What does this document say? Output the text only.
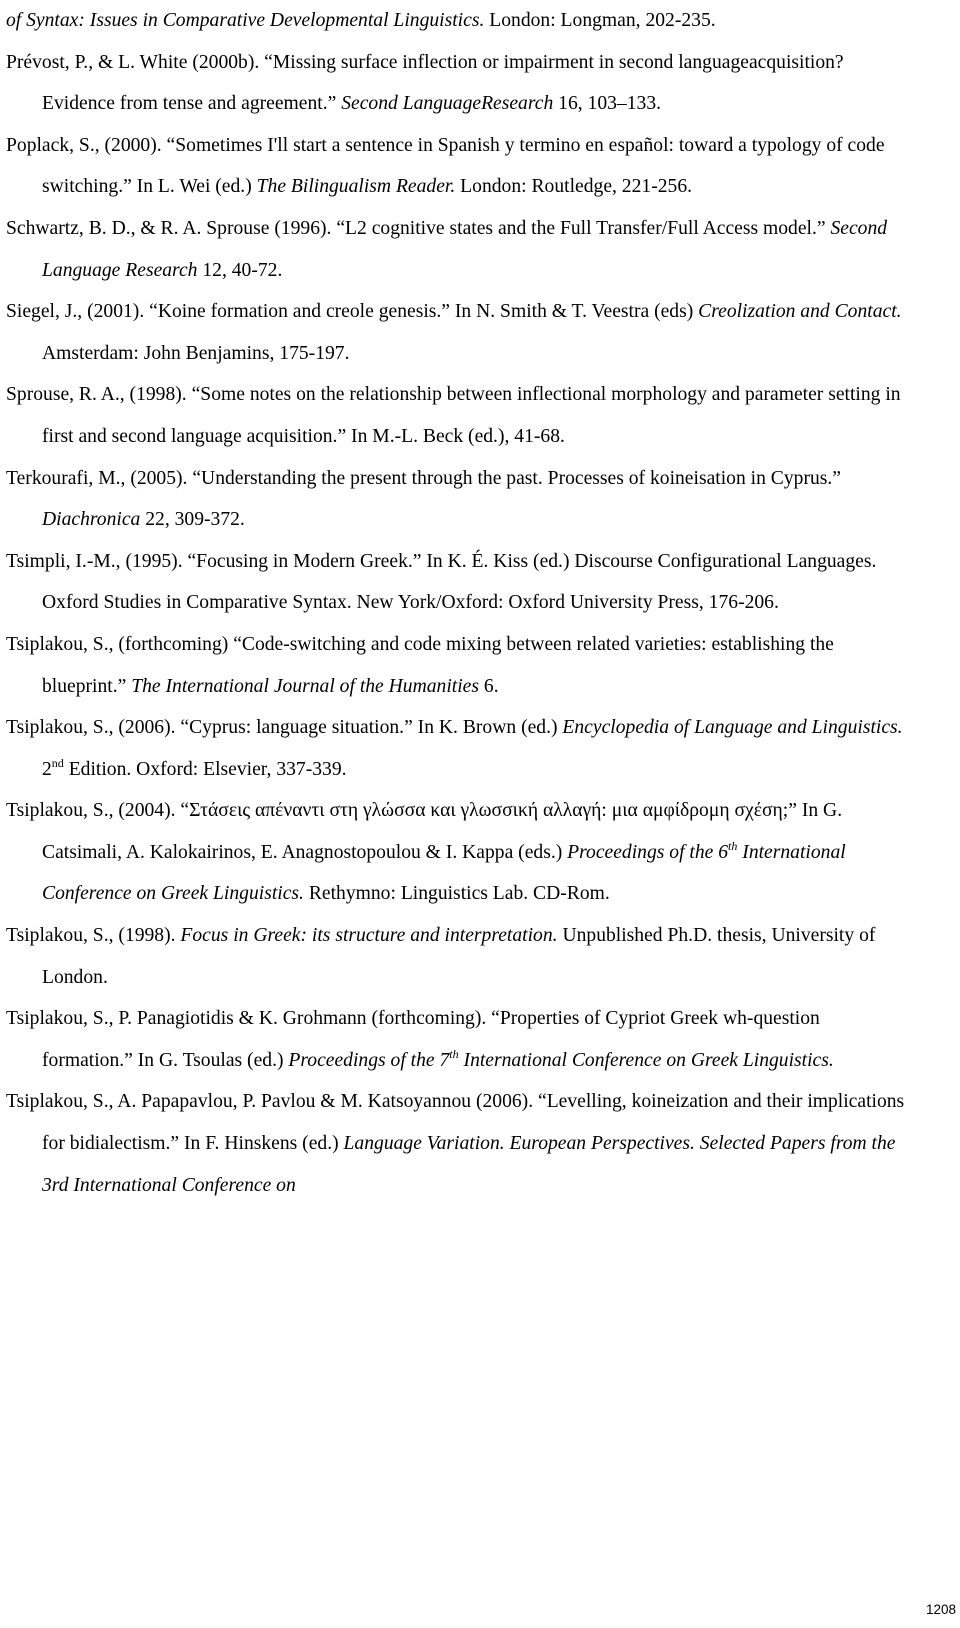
of Syntax: Issues in Comparative Developmental Linguistics. London: Longman, 202-235.

Prévost, P., & L. White (2000b). “Missing surface inflection or impairment in second languageacquisition? Evidence from tense and agreement.” Second LanguageResearch 16, 103–133.

Poplack, S., (2000). “Sometimes I'll start a sentence in Spanish y termino en español: toward a typology of code switching.” In L. Wei (ed.) The Bilingualism Reader. London: Routledge, 221-256.

Schwartz, B. D., & R. A. Sprouse (1996). “L2 cognitive states and the Full Transfer/Full Access model.” Second Language Research 12, 40-72.

Siegel, J., (2001). “Koine formation and creole genesis.” In N. Smith & T. Veestra (eds) Creolization and Contact. Amsterdam: John Benjamins, 175-197.

Sprouse, R. A., (1998). “Some notes on the relationship between inflectional morphology and parameter setting in first and second language acquisition.” In M.-L. Beck (ed.), 41-68.

Terkourafi, M., (2005). “Understanding the present through the past. Processes of koineisation in Cyprus.” Diachronica 22, 309-372.

Tsimpli, I.-M., (1995). “Focusing in Modern Greek.” In K. É. Kiss (ed.) Discourse Configurational Languages. Oxford Studies in Comparative Syntax. New York/Oxford: Oxford University Press, 176-206.

Tsiplakou, S., (forthcoming) “Code-switching and code mixing between related varieties: establishing the blueprint.” The International Journal of the Humanities 6.

Tsiplakou, S., (2006). “Cyprus: language situation.” In K. Brown (ed.) Encyclopedia of Language and Linguistics. 2nd Edition. Oxford: Elsevier, 337-339.

Tsiplakou, S., (2004). “Στάσεις απέναντι στη γλώσσα και γλωσσική αλλαγή: μια αμφίδρομη σχέση;” In G. Catsimali, A. Kalokairinos, E. Anagnostopoulou & I. Kappa (eds.) Proceedings of the 6th International Conference on Greek Linguistics. Rethymno: Linguistics Lab. CD-Rom.

Tsiplakou, S., (1998). Focus in Greek: its structure and interpretation. Unpublished Ph.D. thesis, University of London.

Tsiplakou, S., P. Panagiotidis & K. Grohmann (forthcoming). “Properties of Cypriot Greek wh-question formation.” In G. Tsoulas (ed.) Proceedings of the 7th International Conference on Greek Linguistics.

Tsiplakou, S., A. Papapavlou, P. Pavlou & M. Katsoyannou (2006). “Levelling, koineization and their implications for bidialectism.” In F. Hinskens (ed.) Language Variation. European Perspectives. Selected Papers from the 3rd International Conference on

1208
